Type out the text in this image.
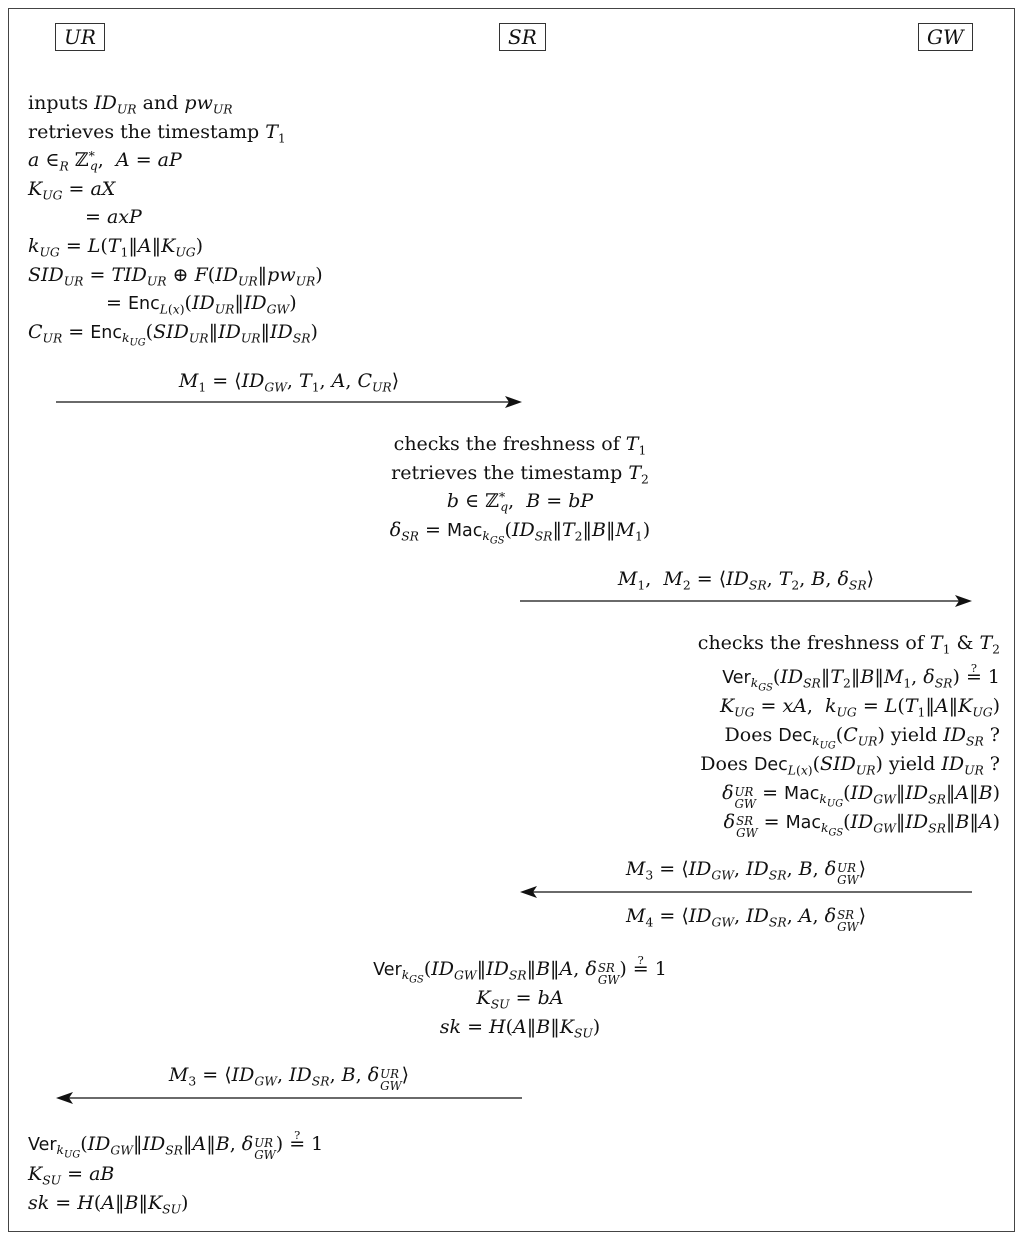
UR	SR	GW
inputs $ID_{UR}$ and $pw_{UR}$
retrieves the timestamp $T_1$
a $\in_R$ ℤ*$_q$,  A = aP
$K_{UG}$ = aX
= axP
$k_{UG}$ = $L(T_1‖A‖K_{UG})$
$SID_{UR} = TID_{UR}$ ⊕ $F(ID_{UR}‖pw_{UR})$
= $Enc_{L(x)}(ID_{UR}‖ID_{GW})$
$C_{UR}$ = $Enc_{k_{UG}}(SID_{UR}‖ID_{UR}‖ID_{SR})$
$M_1$ = $⟨ID_{GW}$, $T_1$, A, $C_{UR}⟩$
checks the freshness of $T_1$
retrieves the timestamp $T_2$
b ∈ ℤ*$_q$,  B = bP
$\delta_{SR}$ = $Mac_{k_{GS}}(ID_{SR}‖T_2‖B‖M_1)$
$M_1$,  $M_2$ = $⟨ID_{SR}$, $T_2$, B, $\delta_{SR}⟩$
checks the freshness of $T_1$ & $T_2$
$Ver_{k_{GS}}(ID_{SR}‖T_2‖B‖M_1$, $\delta_{SR}$) ? = 1
$K_{UG}$ = xA,  $k_{UG}$ = $L(T_1‖A‖K_{UG})$
Does $Dec_{k_{UG}}(C_{UR})$ yield $ID_{SR}$ ?
Does $Dec_{L(x)}(SID_{UR})$ yield $ID_{UR}$ ?
δ UR
GW = $Mac_{k_{UG}}(ID_{GW}‖ID_{SR}‖A‖B)$
δ SR
GW = $Mac_{k_{GS}}(ID_{GW}‖ID_{SR}‖B‖A)$
$M_3$ = $⟨ID_{GW}$, $ID_{SR}$, B, δ UR
GW ⟩
$M_4$ = $⟨ID_{GW}$, $ID_{SR}$, A, δ SR
GW ⟩
$Ver_{k_{GS}}(ID_{GW}‖ID_{SR}‖B‖A$, δ SR
GW ) ? = 1
$K_{SU}$ = bA
sk = $H(A‖B‖K_{SU})$
$M_3$ = $⟨ID_{GW}$, $ID_{SR}$, B, δ UR
GW ⟩
$Ver_{k_{UG}}(ID_{GW}‖ID_{SR}‖A‖B$, δ UR
GW ) ? = 1
$K_{SU}$ = aB
sk = $H(A‖B‖K_{SU})$
